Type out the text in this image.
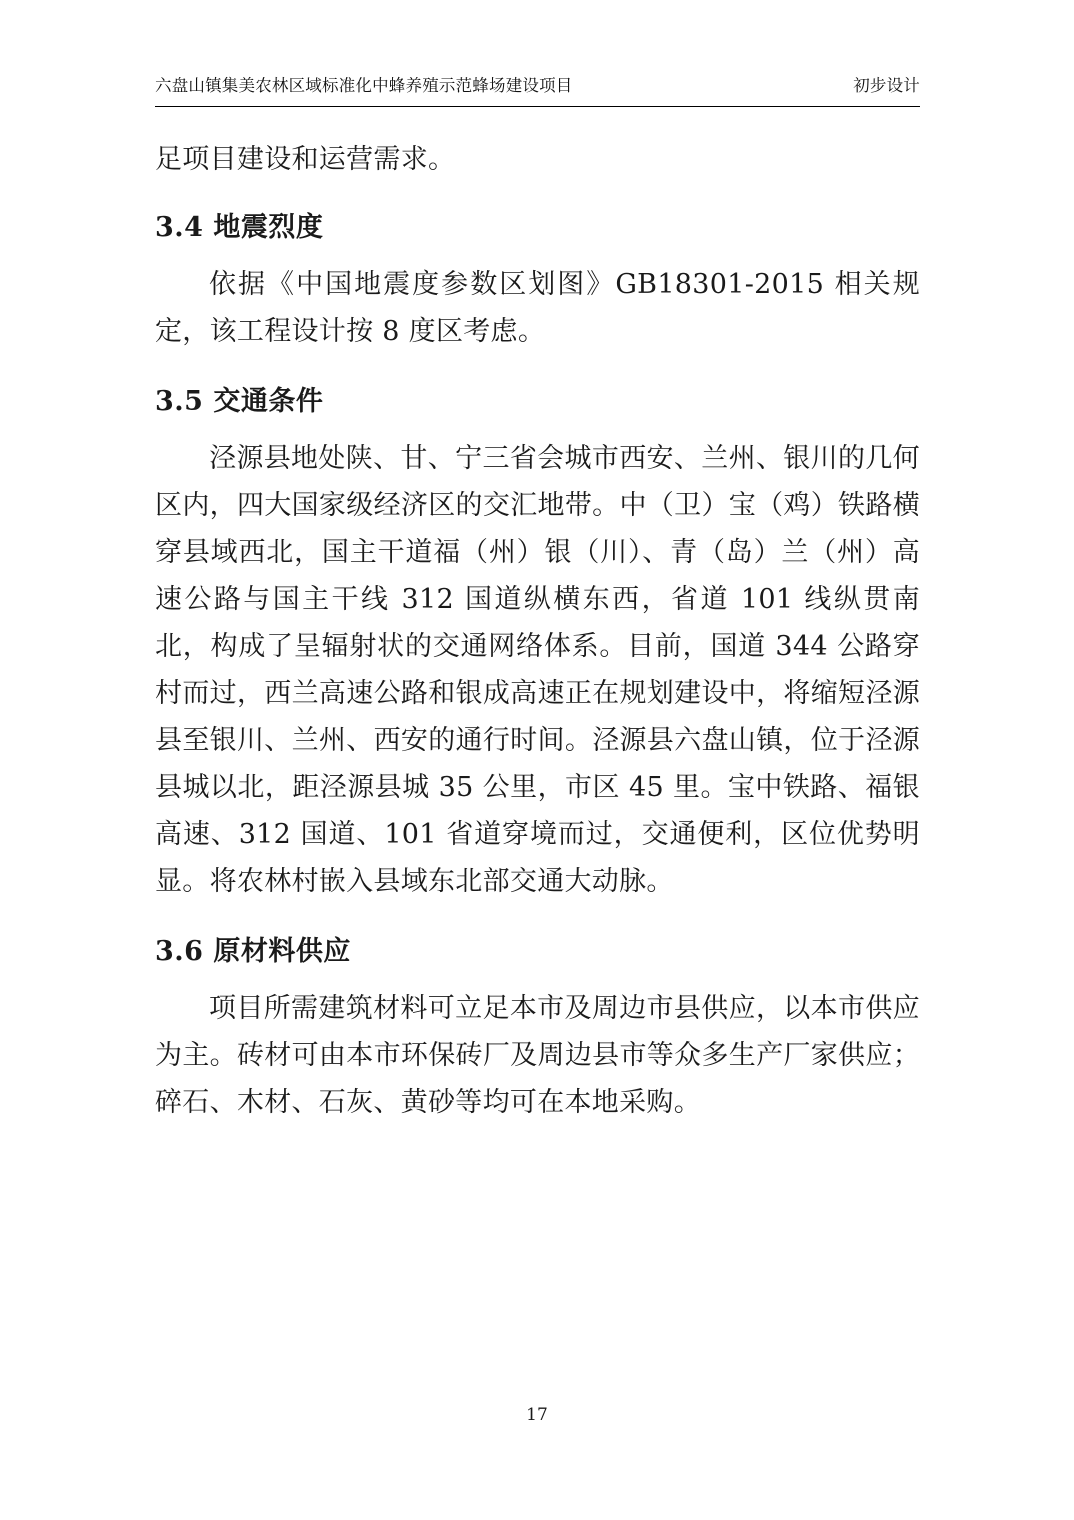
六盘山镇集美农林区域标准化中蜂养殖示范蜂场建设项目	初步设计

足项目建设和运营需求。

3.4 地震烈度

依据《中国地震度参数区划图》GB18301-2015 相关规定，该工程设计按 8 度区考虑。

3.5 交通条件

泾源县地处陕、甘、宁三省会城市西安、兰州、银川的几何区内，四大国家级经济区的交汇地带。中（卫）宝（鸡）铁路横穿县域西北，国主干道福（州）银（川）、青（岛）兰（州）高速公路与国主干线 312 国道纵横东西，省道 101 线纵贯南北，构成了呈辐射状的交通网络体系。目前，国道 344 公路穿村而过，西兰高速公路和银成高速正在规划建设中，将缩短泾源县至银川、兰州、西安的通行时间。泾源县六盘山镇，位于泾源县城以北，距泾源县城 35 公里，市区 45 里。宝中铁路、福银高速、312 国道、101 省道穿境而过，交通便利，区位优势明显。将农林村嵌入县域东北部交通大动脉。

3.6 原材料供应

项目所需建筑材料可立足本市及周边市县供应，以本市供应为主。砖材可由本市环保砖厂及周边县市等众多生产厂家供应；碎石、木材、石灰、黄砂等均可在本地采购。

17
